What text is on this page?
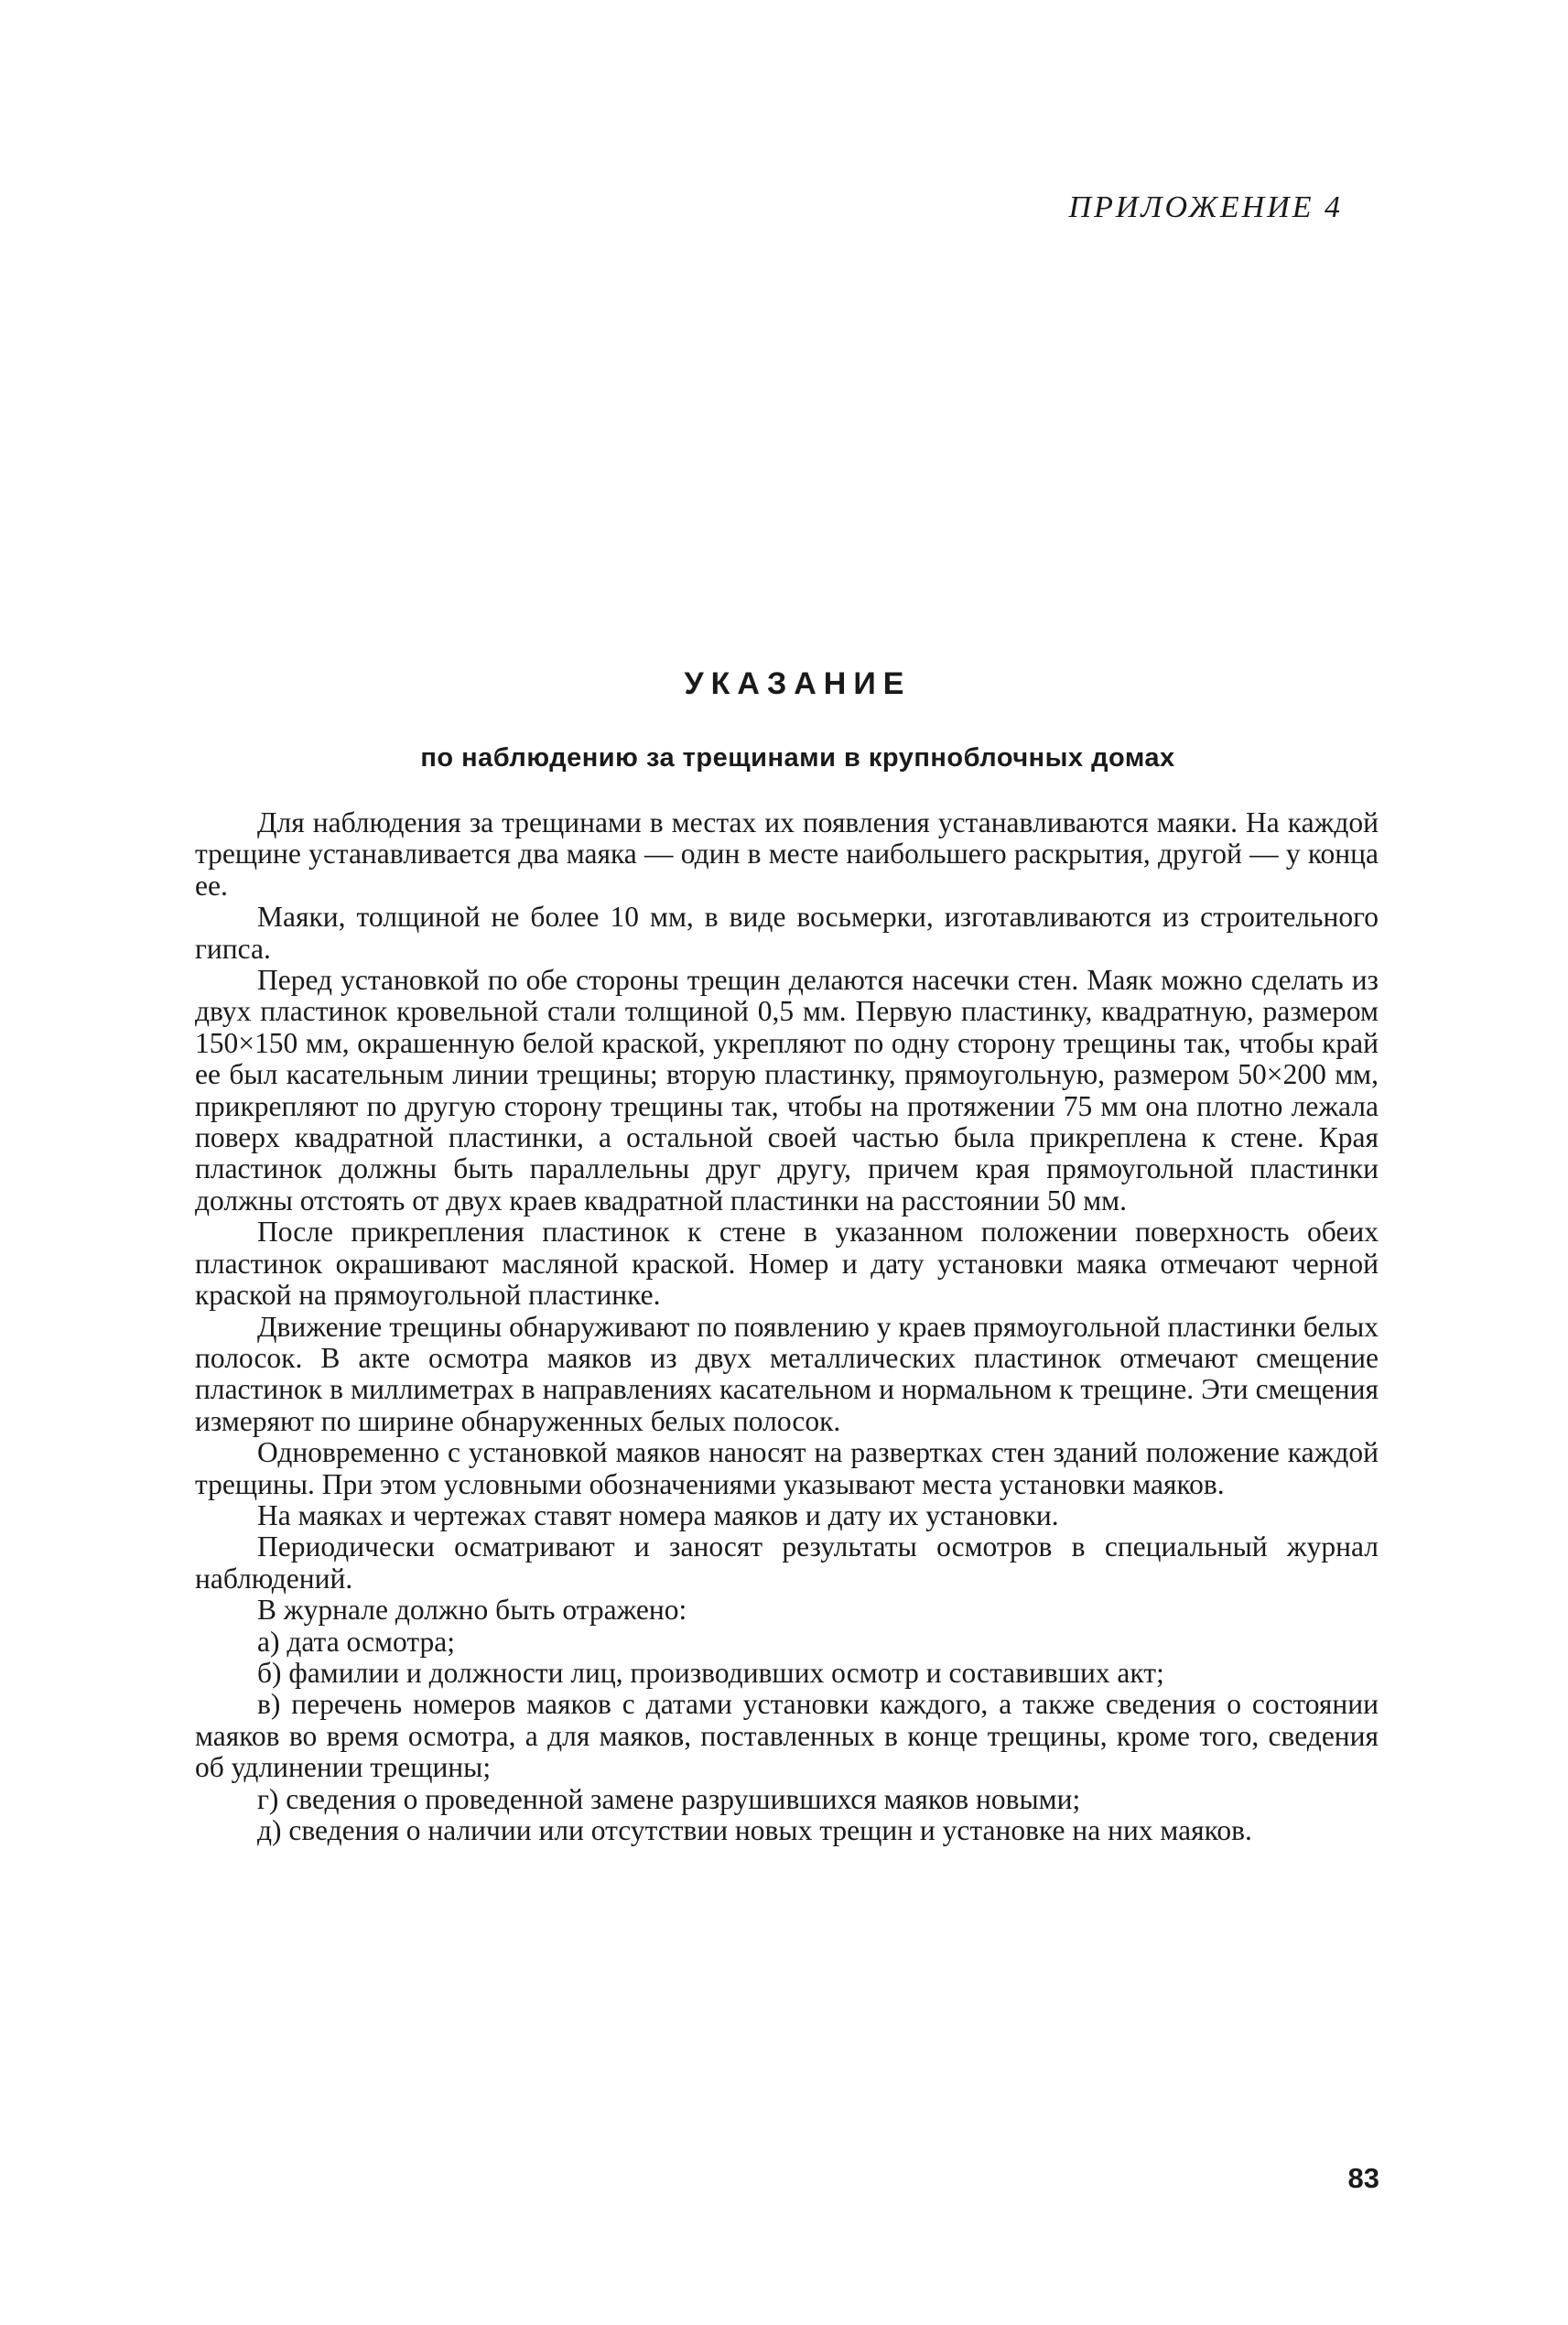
ПРИЛОЖЕНИЕ 4
УКАЗАНИЕ
по наблюдению за трещинами в крупноблочных домах

Для наблюдения за трещинами в местах их появления устанавливаются маяки. На каждой трещине устанавливается два маяка — один в месте наибольшего раскрытия, другой — у конца ее.

Маяки, толщиной не более 10 мм, в виде восьмерки, изготавливаются из строительного гипса.

Перед установкой по обе стороны трещин делаются насечки стен. Маяк можно сделать из двух пластинок кровельной стали толщиной 0,5 мм. Первую пластинку, квадратную, размером 150×150 мм, окрашенную белой краской, укрепляют по одну сторону трещины так, чтобы край ее был касательным линии трещины; вторую пластинку, прямоугольную, размером 50×200 мм, прикрепляют по другую сторону трещины так, чтобы на протяжении 75 мм она плотно лежала поверх квадратной пластинки, а остальной своей частью была прикреплена к стене. Края пластинок должны быть параллельны друг другу, причем края прямоугольной пластинки должны отстоять от двух краев квадратной пластинки на расстоянии 50 мм.

После прикрепления пластинок к стене в указанном положении поверхность обеих пластинок окрашивают масляной краской. Номер и дату установки маяка отмечают черной краской на прямоугольной пластинке.

Движение трещины обнаруживают по появлению у краев прямоугольной пластинки белых полосок. В акте осмотра маяков из двух металлических пластинок отмечают смещение пластинок в миллиметрах в направлениях касательном и нормальном к трещине. Эти смещения измеряют по ширине обнаруженных белых полосок.

Одновременно с установкой маяков наносят на развертках стен зданий положение каждой трещины. При этом условными обозначениями указывают места установки маяков.

На маяках и чертежах ставят номера маяков и дату их установки.

Периодически осматривают и заносят результаты осмотров в специальный журнал наблюдений.

В журнале должно быть отражено:

а) дата осмотра;

б) фамилии и должности лиц, производивших осмотр и составивших акт;

в) перечень номеров маяков с датами установки каждого, а также сведения о состоянии маяков во время осмотра, а для маяков, поставленных в конце трещины, кроме того, сведения об удлинении трещины;

г) сведения о проведенной замене разрушившихся маяков новыми;

д) сведения о наличии или отсутствии новых трещин и установке на них маяков.

83
